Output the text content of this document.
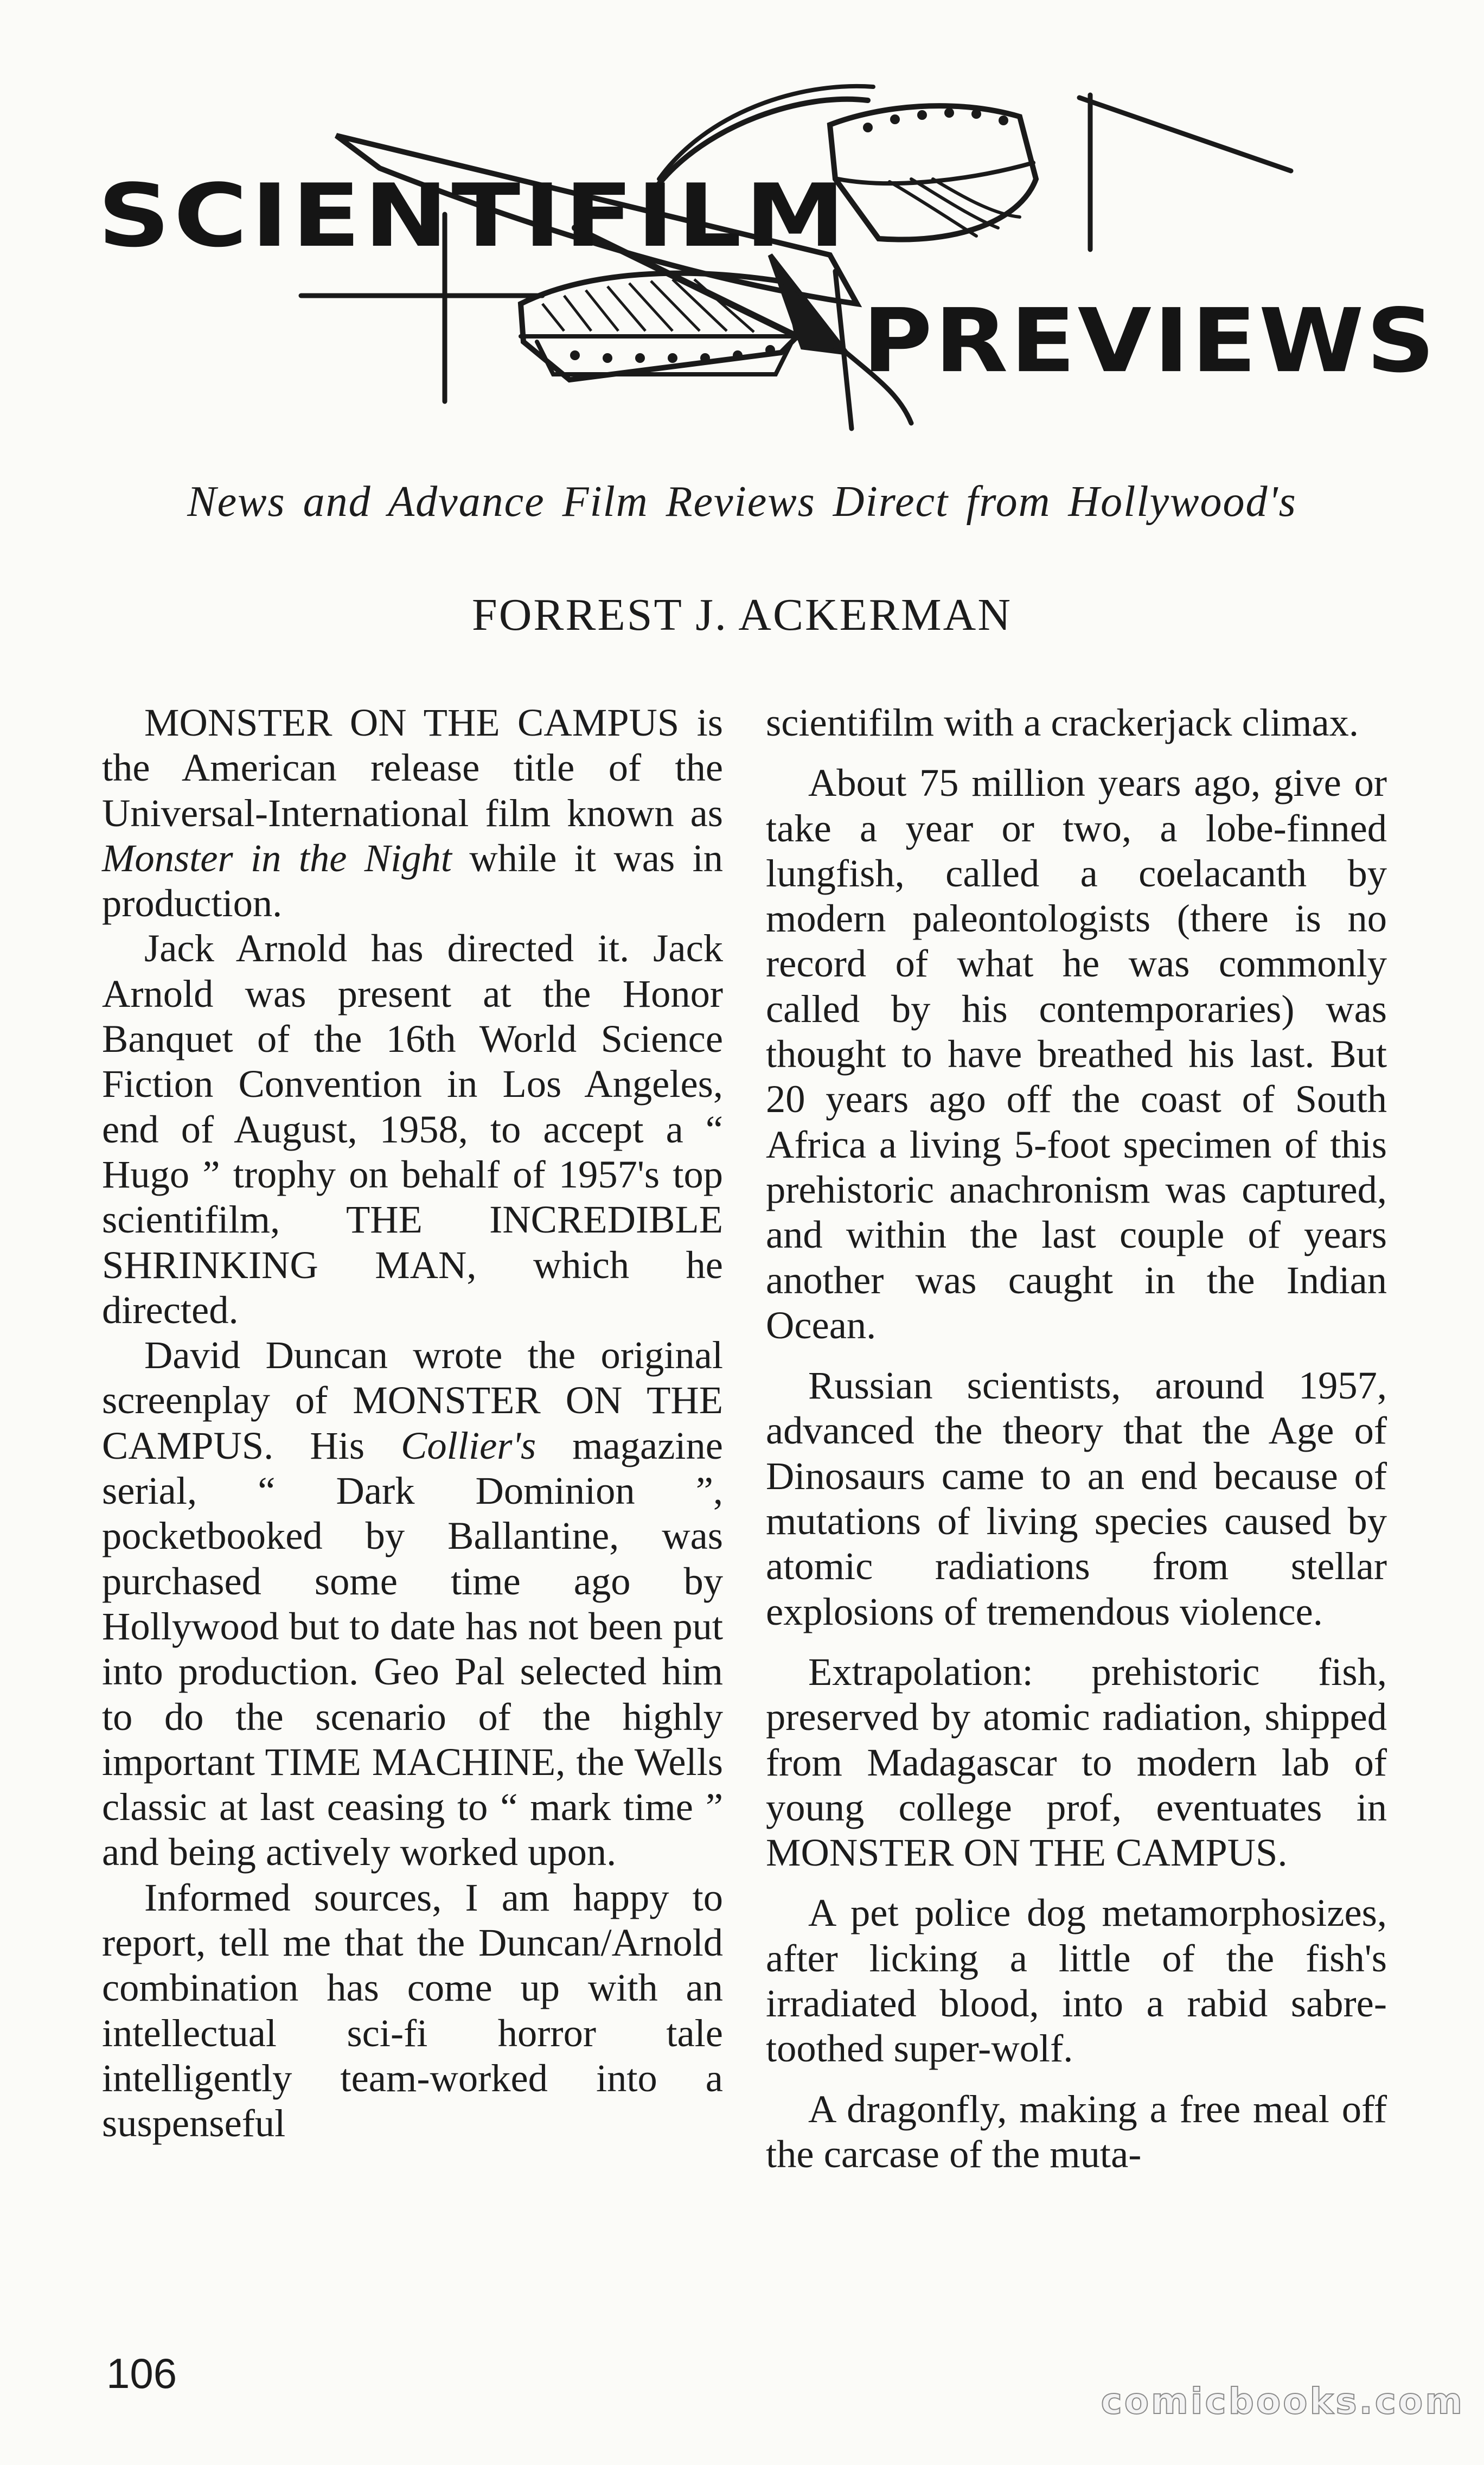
SCIENTIFILM
PREVIEWS
News and Advance Film Reviews Direct from Hollywood's
FORREST J. ACKERMAN

MONSTER ON THE CAMPUS is the American release title of the Universal-International film known as Monster in the Night while it was in production.

Jack Arnold has directed it. Jack Arnold was present at the Honor Banquet of the 16th World Science Fiction Convention in Los Angeles, end of August, 1958, to accept a “ Hugo ” trophy on behalf of 1957's top scientifilm, THE INCREDIBLE SHRINKING MAN, which he directed.

David Duncan wrote the original screenplay of MONSTER ON THE CAMPUS. His Collier's magazine serial, “ Dark Dominion ”, pocketbooked by Ballantine, was purchased some time ago by Hollywood but to date has not been put into production. Geo Pal selected him to do the scenario of the highly important TIME MACHINE, the Wells classic at last ceasing to “ mark time ” and being actively worked upon.

Informed sources, I am happy to report, tell me that the Duncan/Arnold combination has come up with an intellectual sci-fi horror tale intelligently team-worked into a suspenseful

scientifilm with a crackerjack climax.

About 75 million years ago, give or take a year or two, a lobe-finned lungfish, called a coelacanth by modern paleontologists (there is no record of what he was commonly called by his contemporaries) was thought to have breathed his last. But 20 years ago off the coast of South Africa a living 5-foot specimen of this prehistoric anachronism was captured, and within the last couple of years another was caught in the Indian Ocean.

Russian scientists, around 1957, advanced the theory that the Age of Dinosaurs came to an end because of mutations of living species caused by atomic radiations from stellar explosions of tremendous violence.

Extrapolation: prehistoric fish, preserved by atomic radiation, shipped from Madagascar to modern lab of young college prof, eventuates in MONSTER ON THE CAMPUS.

A pet police dog metamorphosizes, after licking a little of the fish's irradiated blood, into a rabid sabre-toothed super-wolf.

A dragonfly, making a free meal off the carcase of the muta-

106
comicbooks.com
